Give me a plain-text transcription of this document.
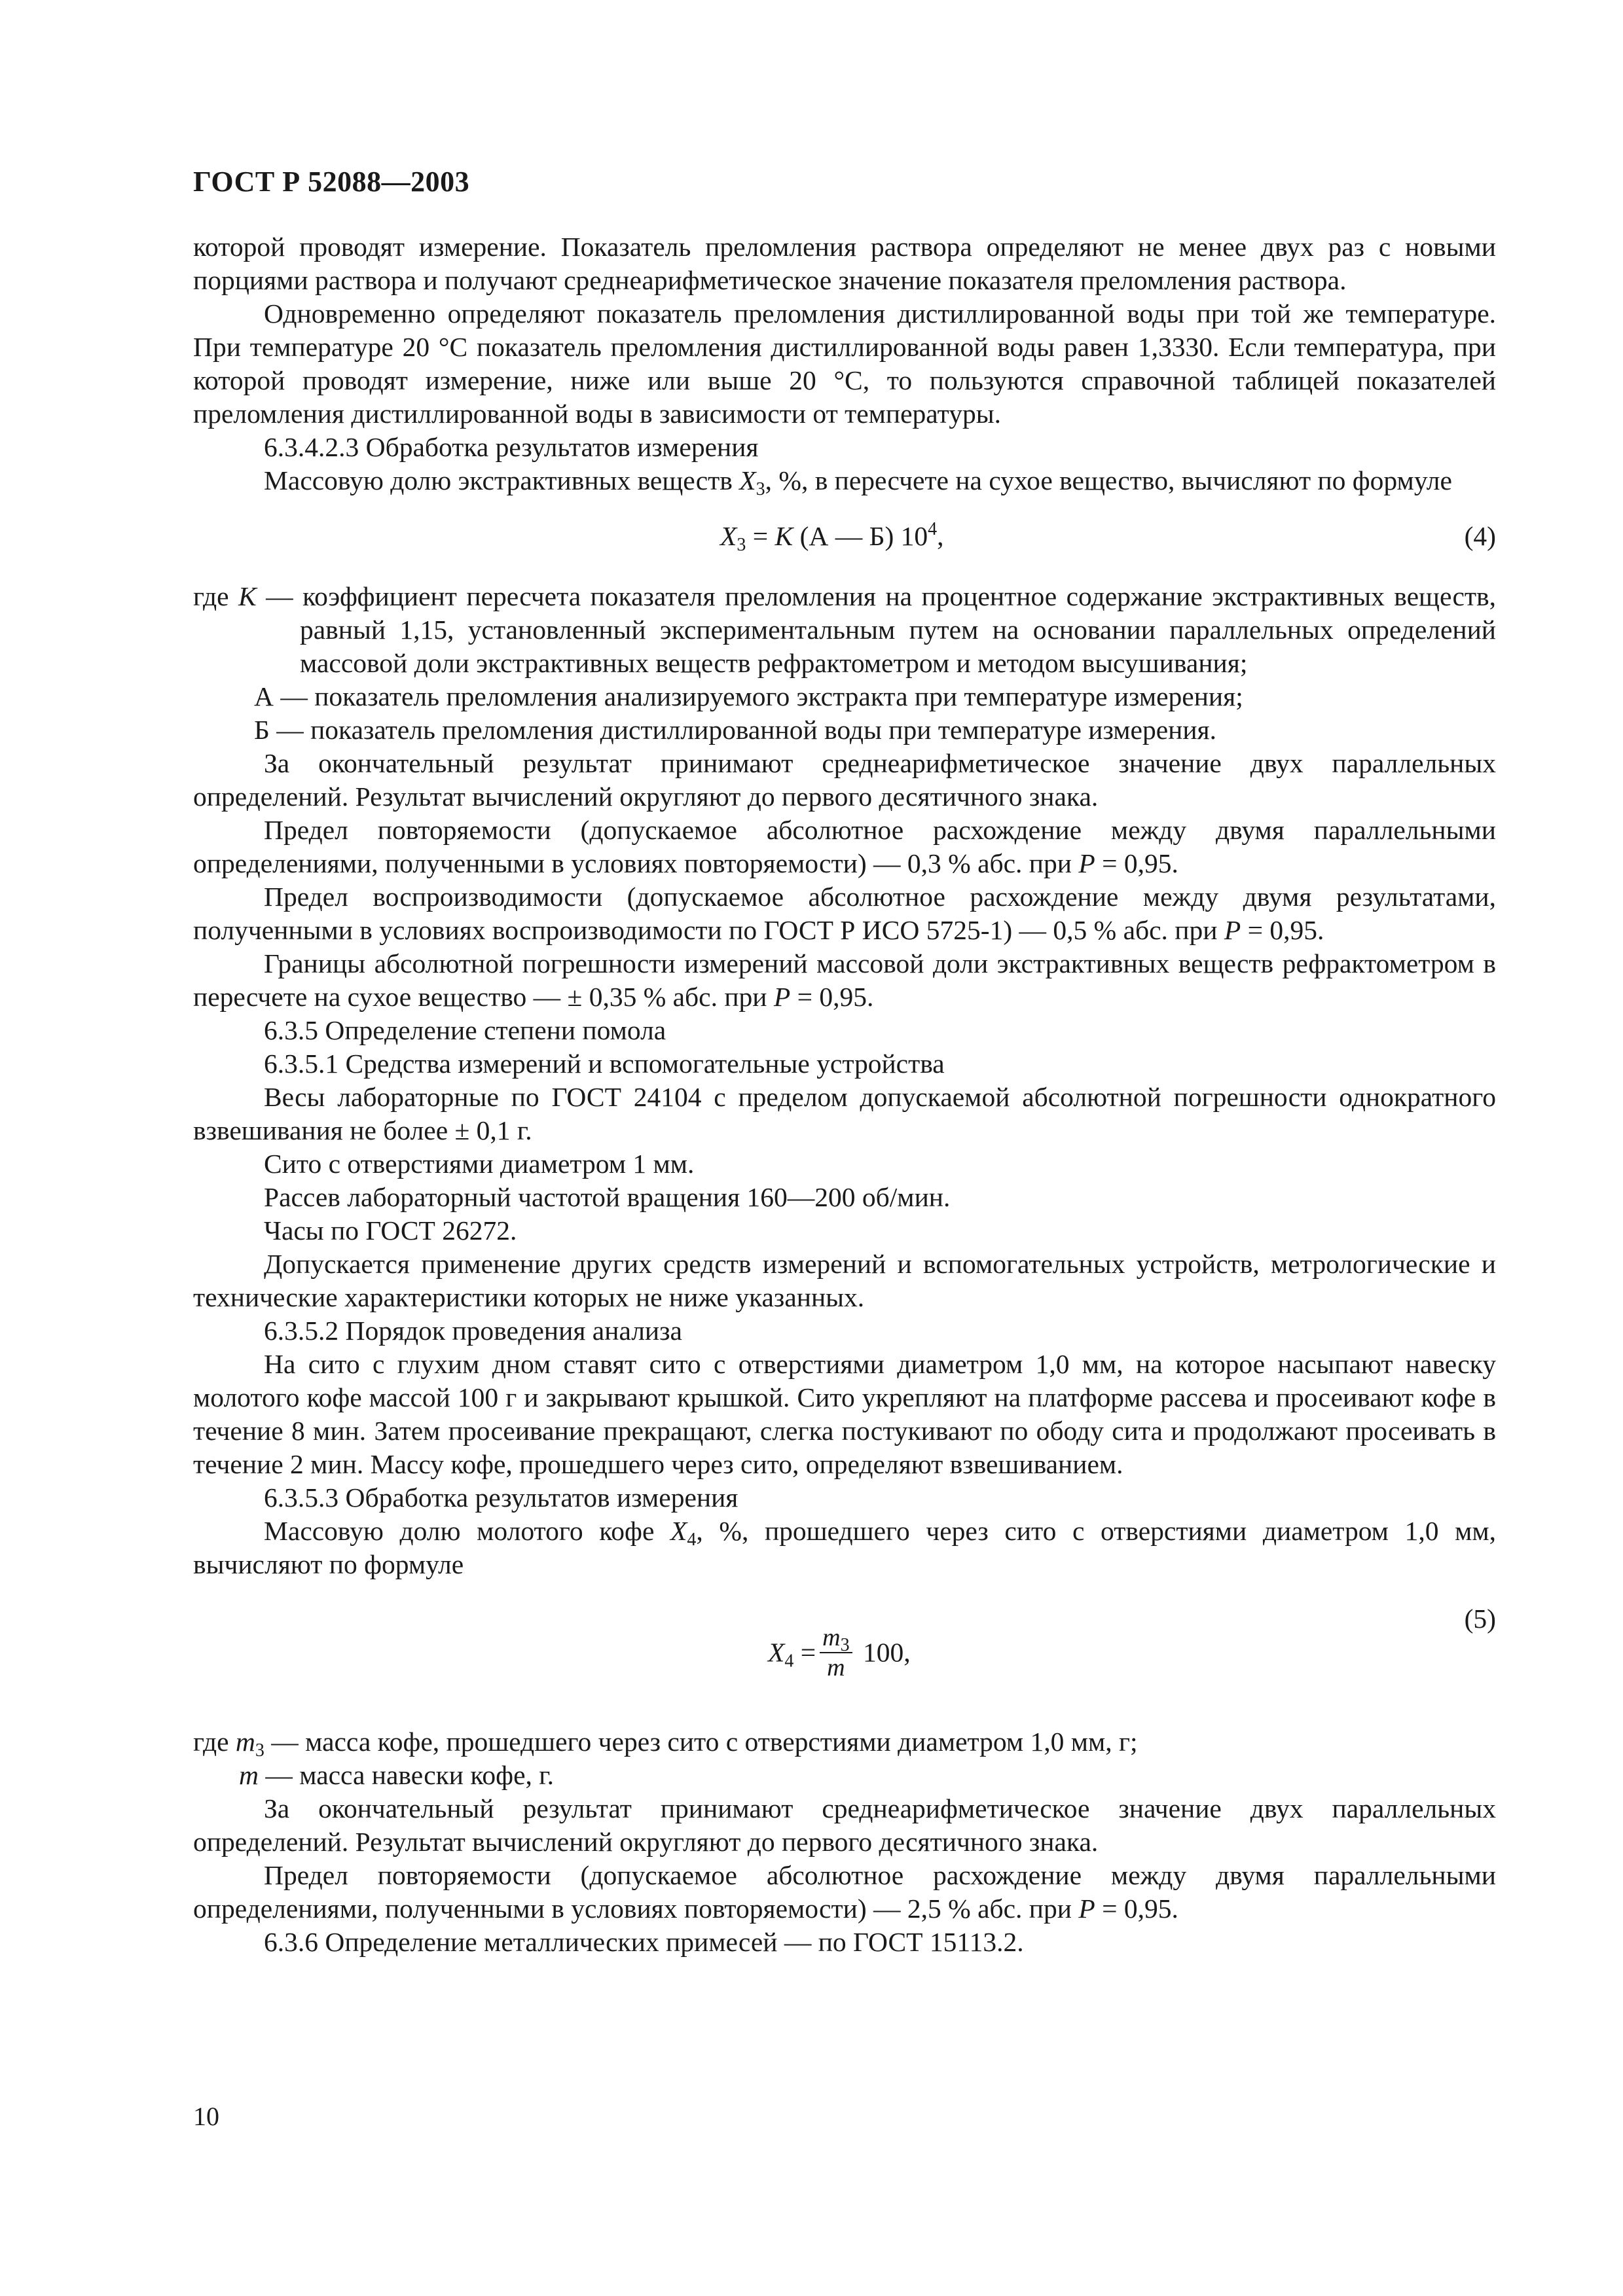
ГОСТ Р 52088—2003

которой проводят измерение. Показатель преломления раствора определяют не менее двух раз с новыми порциями раствора и получают среднеарифметическое значение показателя преломления раствора.

Одновременно определяют показатель преломления дистиллированной воды при той же температуре. При температуре 20 °C показатель преломления дистиллированной воды равен 1,3330. Если температура, при которой проводят измерение, ниже или выше 20 °C, то пользуются справочной таблицей показателей преломления дистиллированной воды в зависимости от температуры.

6.3.4.2.3 Обработка результатов измерения

Массовую долю экстрактивных веществ $X_3$, %, в пересчете на сухое вещество, вычисляют по формуле

$X_3 = K$ (А — Б) $10^4$,	(4)

где K — коэффициент пересчета показателя преломления на процентное содержание экстрактивных веществ, равный 1,15, установленный экспериментальным путем на основании параллельных определений массовой доли экстрактивных веществ рефрактометром и методом высушивания;

А — показатель преломления анализируемого экстракта при температуре измерения;

Б — показатель преломления дистиллированной воды при температуре измерения.

За окончательный результат принимают среднеарифметическое значение двух параллельных определений. Результат вычислений округляют до первого десятичного знака.

Предел повторяемости (допускаемое абсолютное расхождение между двумя параллельными определениями, полученными в условиях повторяемости) — 0,3 % абс. при P = 0,95.

Предел воспроизводимости (допускаемое абсолютное расхождение между двумя результатами, полученными в условиях воспроизводимости по ГОСТ Р ИСО 5725-1) — 0,5 % абс. при P = 0,95.

Границы абсолютной погрешности измерений массовой доли экстрактивных веществ рефрактометром в пересчете на сухое вещество — ± 0,35 % абс. при P = 0,95.

6.3.5 Определение степени помола

6.3.5.1 Средства измерений и вспомогательные устройства

Весы лабораторные по ГОСТ 24104 с пределом допускаемой абсолютной погрешности однократного взвешивания не более ± 0,1 г.

Сито с отверстиями диаметром 1 мм.

Рассев лабораторный частотой вращения 160—200 об/мин.

Часы по ГОСТ 26272.

Допускается применение других средств измерений и вспомогательных устройств, метрологические и технические характеристики которых не ниже указанных.

6.3.5.2 Порядок проведения анализа

На сито с глухим дном ставят сито с отверстиями диаметром 1,0 мм, на которое насыпают навеску молотого кофе массой 100 г и закрывают крышкой. Сито укрепляют на платформе рассева и просеивают кофе в течение 8 мин. Затем просеивание прекращают, слегка постукивают по ободу сита и продолжают просеивать в течение 2 мин. Массу кофе, прошедшего через сито, определяют взвешиванием.

6.3.5.3 Обработка результатов измерения

Массовую долю молотого кофе $X_4$, %, прошедшего через сито с отверстиями диаметром 1,0 мм, вычисляют по формуле

$X_4 = \frac{m_3}{m} 100$,
(5)

где $m_3$ — масса кофе, прошедшего через сито с отверстиями диаметром 1,0 мм, г;

m — масса навески кофе, г.

За окончательный результат принимают среднеарифметическое значение двух параллельных определений. Результат вычислений округляют до первого десятичного знака.

Предел повторяемости (допускаемое абсолютное расхождение между двумя параллельными определениями, полученными в условиях повторяемости) — 2,5 % абс. при P = 0,95.

6.3.6 Определение металлических примесей — по ГОСТ 15113.2.

10
